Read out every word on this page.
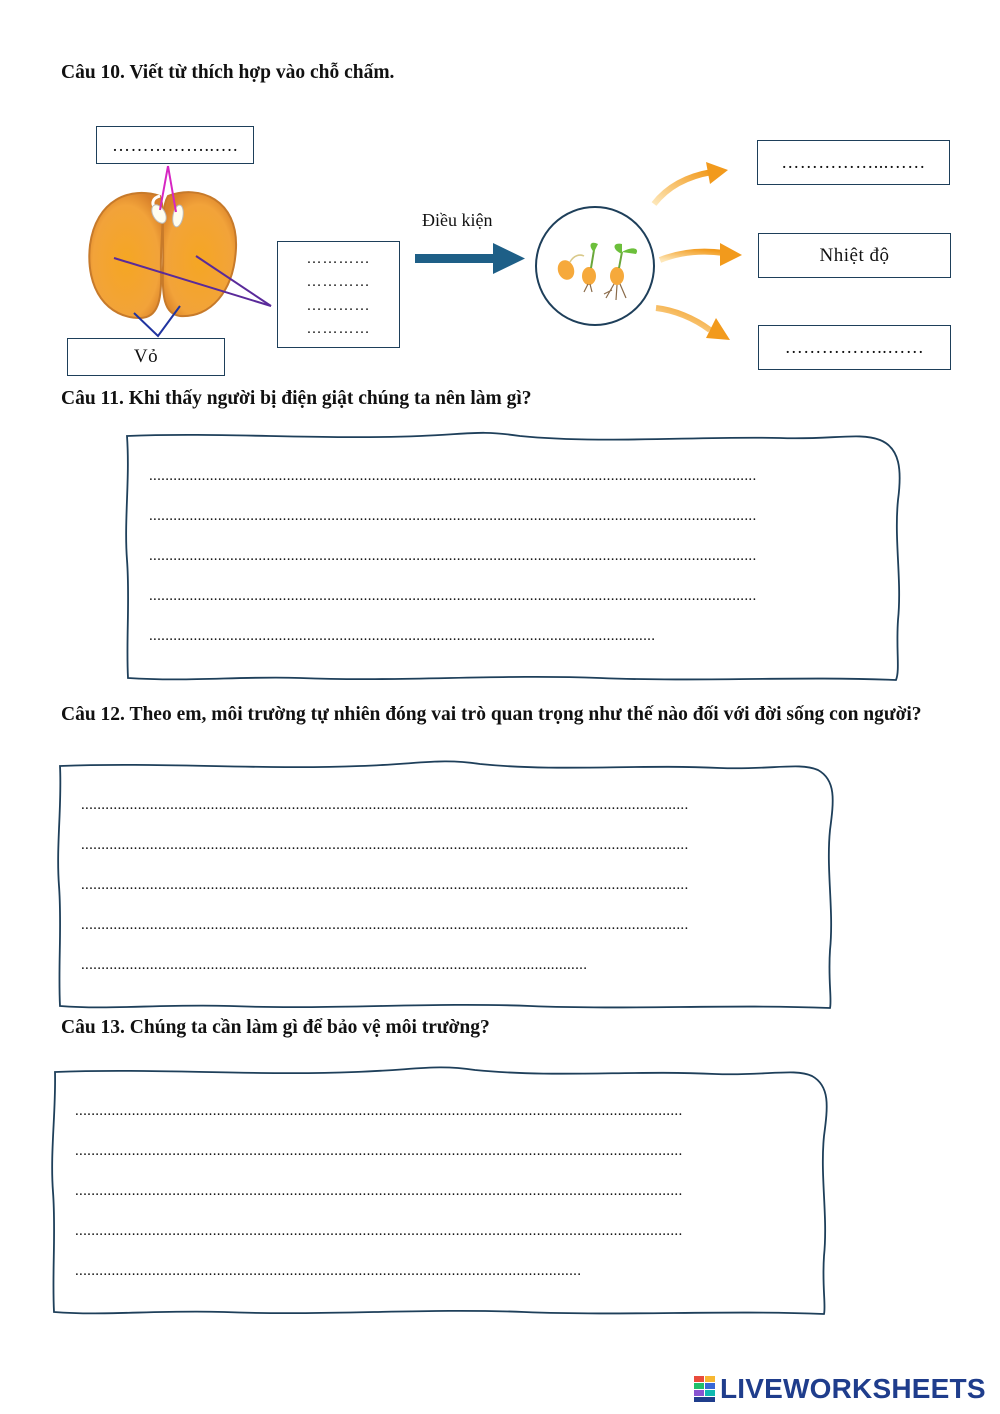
Câu 10. Viết từ thích hợp vào chỗ chấm.

……………..….
Vỏ
…………
…………
…………
…………
Điều kiện
……………...……
Nhiệt độ
……………..……

Câu 11. Khi thấy người bị điện giật chúng ta nên làm gì?

......................................................................................................................................................
......................................................................................................................................................
......................................................................................................................................................
......................................................................................................................................................
.............................................................................................................................

Câu 12. Theo em, môi trường tự nhiên đóng vai trò quan trọng như thế nào đối với đời sống con người?

......................................................................................................................................................
......................................................................................................................................................
......................................................................................................................................................
......................................................................................................................................................
.............................................................................................................................

Câu 13. Chúng ta cần làm gì để bảo vệ môi trường?

......................................................................................................................................................
......................................................................................................................................................
......................................................................................................................................................
......................................................................................................................................................
.............................................................................................................................
LIVEWORKSHEETS
